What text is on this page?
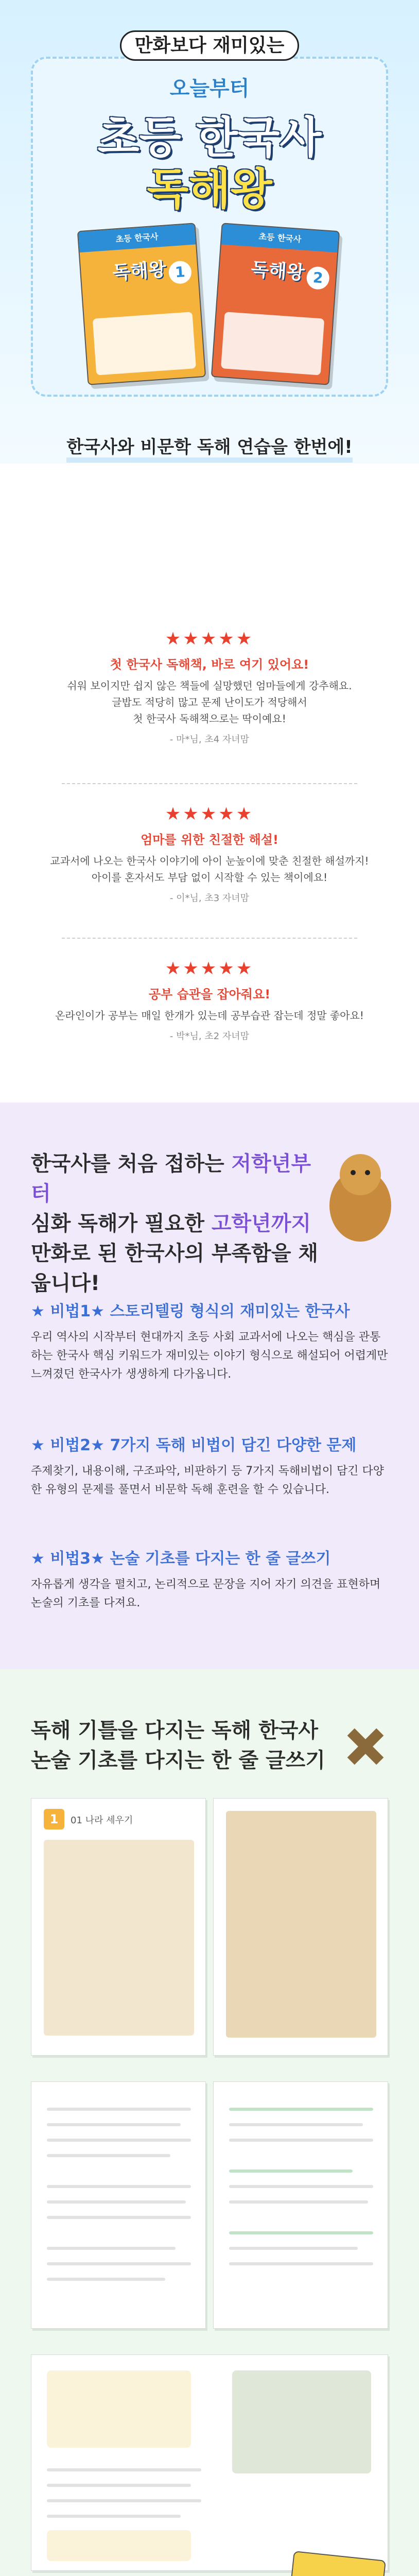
만화보다 재미있는
오늘부터
초등 한국사
독해왕
초등 한국사
독해왕 1
초등 한국사
독해왕 2
한국사와 비문학 독해 연습을 한번에!
★★★★★
첫 한국사 독해책, 바로 여기 있어요!
쉬워 보이지만 쉽지 않은 책들에 실망했던 엄마들에게 강추해요.
글밥도 적당히 많고 문제 난이도가 적당해서
첫 한국사 독해책으로는 딱이예요!
- 마*님, 초4 자녀맘
★★★★★
엄마를 위한 친절한 해설!
교과서에 나오는 한국사 이야기에 아이 눈높이에 맞춘 친절한 해설까지!
아이를 혼자서도 부담 없이 시작할 수 있는 책이에요!
- 이*님, 초3 자녀맘
★★★★★
공부 습관을 잡아줘요!
온라인이가 공부는 매일 한개가 있는데 공부습관 잡는데 정말 좋아요!
- 박*님, 초2 자녀맘
한국사를 처음 접하는 저학년부터
심화 독해가 필요한 고학년까지
만화로 된 한국사의 부족함을 채웁니다!
★ 비법1★ 스토리텔링 형식의 재미있는 한국사
우리 역사의 시작부터 현대까지 초등 사회 교과서에 나오는 핵심을 관통하는 한국사 핵심 키워드가 재미있는 이야기 형식으로 해설되어 어렵게만 느껴졌던 한국사가 생생하게 다가옵니다.
★ 비법2★ 7가지 독해 비법이 담긴 다양한 문제
주제찾기, 내용이해, 구조파악, 비판하기 등 7가지 독해비법이 담긴 다양한 유형의 문제를 풀면서 비문학 독해 훈련을 할 수 있습니다.
★ 비법3★ 논술 기초를 다지는 한 줄 글쓰기
자유롭게 생각을 펼치고, 논리적으로 문장을 지어 자기 의견을 표현하며 논술의 기초를 다져요.
독해 기틀을 다지는 독해 한국사
논술 기초를 다지는 한 줄 글쓰기
1	01 나라 세우기
